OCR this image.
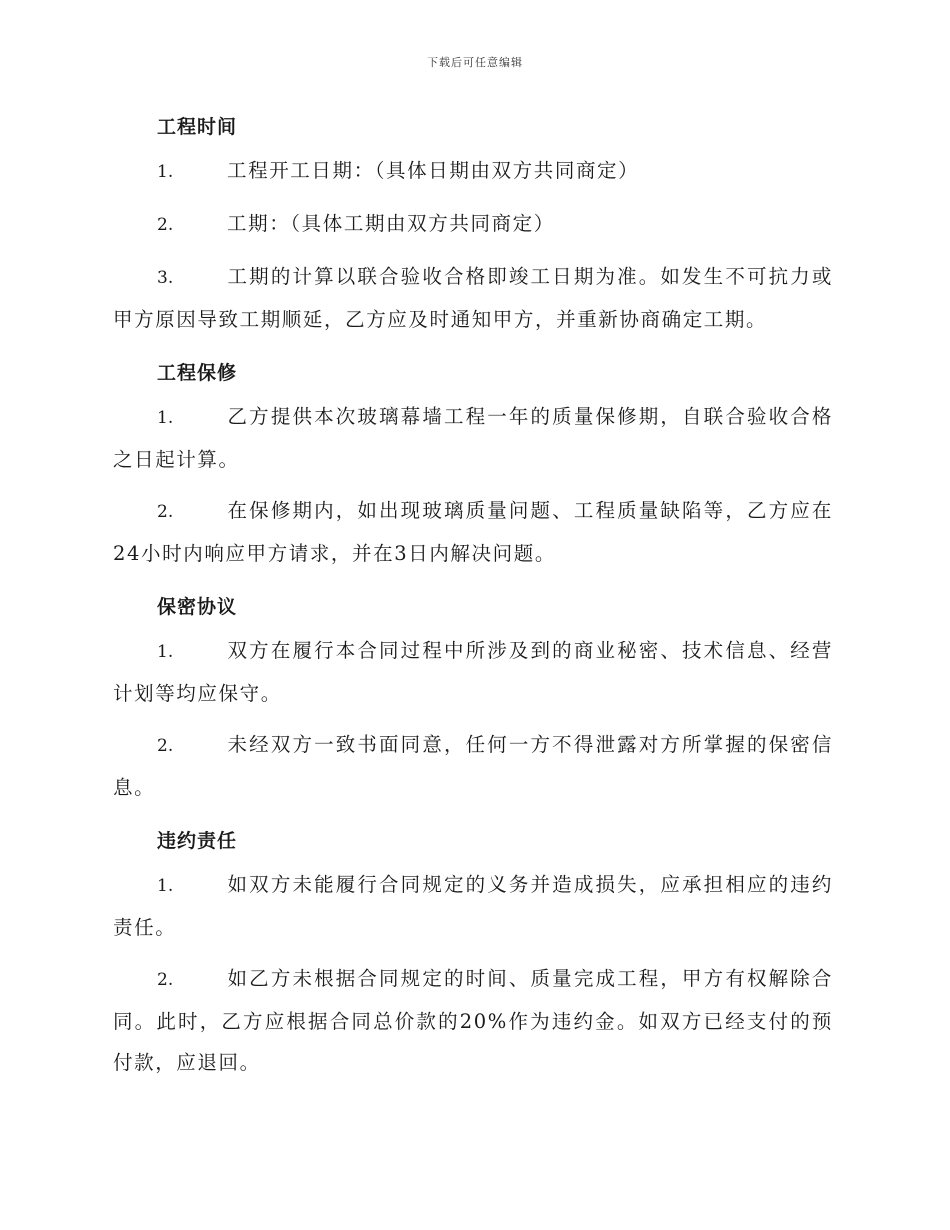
下载后可任意编辑
工程时间

1.	工程开工日期：（具体日期由双方共同商定）

2.	工期：（具体工期由双方共同商定）

3.	工期的计算以联合验收合格即竣工日期为准。如发生不可抗力或甲方原因导致工期顺延，乙方应及时通知甲方，并重新协商确定工期。

工程保修

1.	乙方提供本次玻璃幕墙工程一年的质量保修期，自联合验收合格之日起计算。

2.	在保修期内，如出现玻璃质量问题、工程质量缺陷等，乙方应在24小时内响应甲方请求，并在3日内解决问题。

保密协议

1.	双方在履行本合同过程中所涉及到的商业秘密、技术信息、经营计划等均应保守。

2.	未经双方一致书面同意，任何一方不得泄露对方所掌握的保密信息。

违约责任

1.	如双方未能履行合同规定的义务并造成损失，应承担相应的违约责任。

2.	如乙方未根据合同规定的时间、质量完成工程，甲方有权解除合同。此时，乙方应根据合同总价款的20%作为违约金。如双方已经支付的预付款，应退回。
